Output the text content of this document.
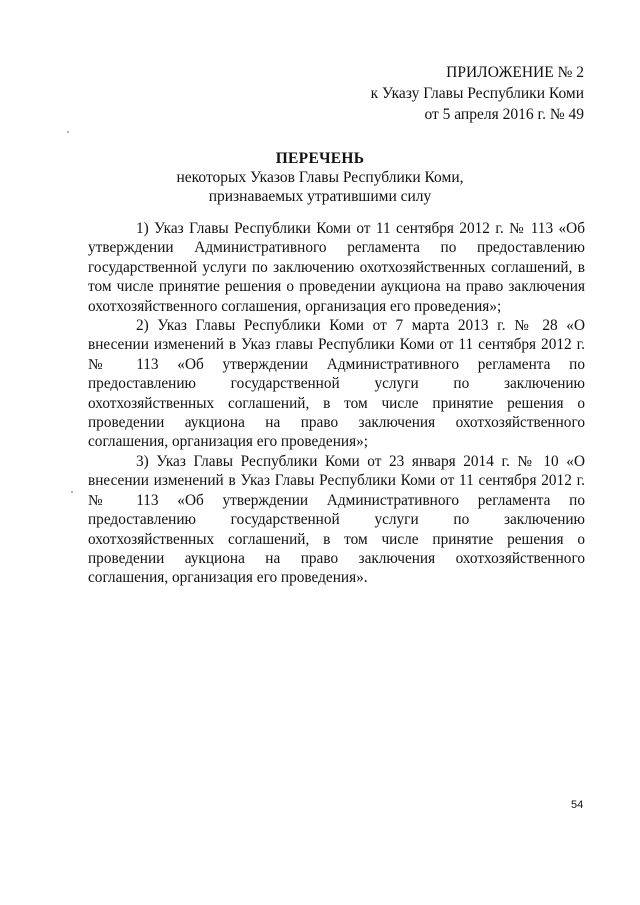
ПРИЛОЖЕНИЕ № 2
к Указу Главы Республики Коми
от 5 апреля 2016 г. № 49
ПЕРЕЧЕНЬ
некоторых Указов Главы Республики Коми,
признаваемых утратившими силу

1) Указ Главы Республики Коми от 11 сентября 2012 г. № 113 «Об утверждении Административного регламента по предоставлению государственной услуги по заключению охотхозяйственных соглашений, в том числе принятие решения о проведении аукциона на право заключения охотхозяйственного соглашения, организация его проведения»;

2) Указ Главы Республики Коми от 7 марта 2013 г. № 28 «О внесении изменений в Указ главы Республики Коми от 11 сентября 2012 г. № 113 «Об утверждении Административного регламента по предоставлению государственной услуги по заключению охотхозяйственных соглашений, в том числе принятие решения о проведении аукциона на право заключения охотхозяйственного соглашения, организация его проведения»;

3) Указ Главы Республики Коми от 23 января 2014 г. № 10 «О внесении изменений в Указ Главы Республики Коми от 11 сентября 2012 г. № 113 «Об утверждении Административного регламента по предоставлению государственной услуги по заключению охотхозяйственных соглашений, в том числе принятие решения о проведении аукциона на право заключения охотхозяйственного соглашения, организация его проведения».

54
